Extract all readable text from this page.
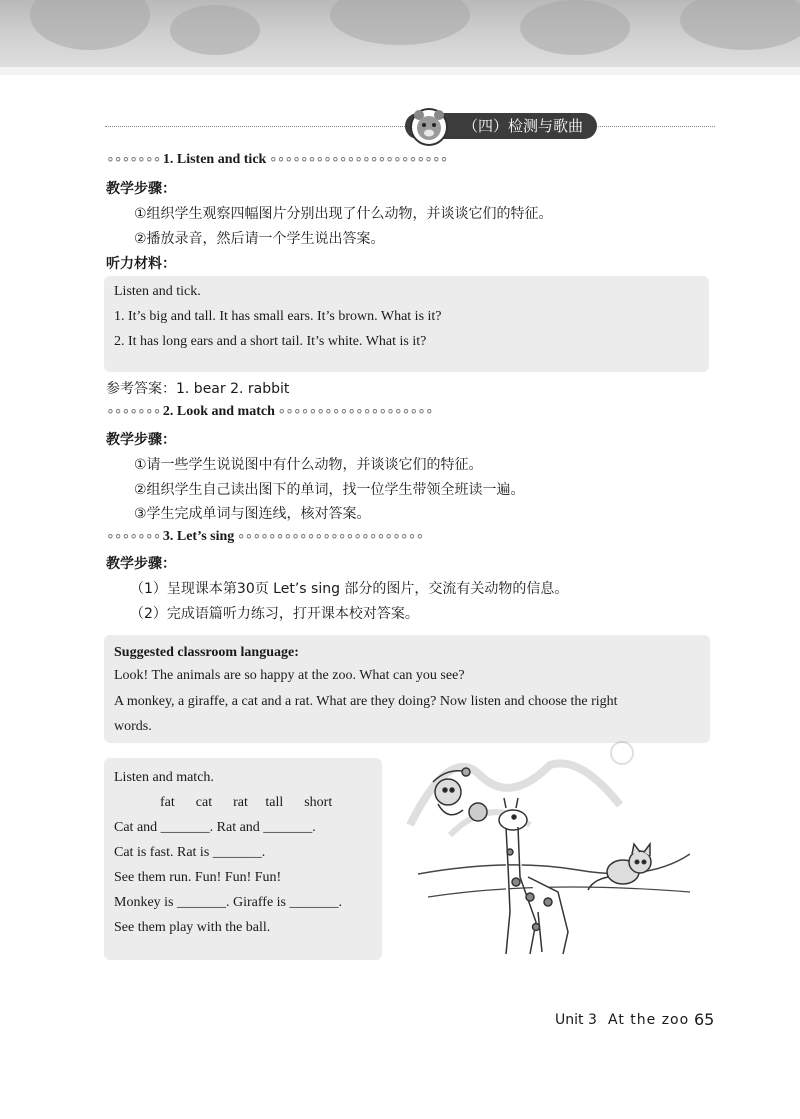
（四）检测与歌曲
∘∘∘∘∘∘∘ 1. Listen and tick ∘∘∘∘∘∘∘∘∘∘∘∘∘∘∘∘∘∘∘∘∘∘∘
教学步骤：
①组织学生观察四幅图片分别出现了什么动物，并谈谈它们的特征。
②播放录音，然后请一个学生说出答案。
听力材料：
Listen and tick.
1. It’s big and tall. It has small ears. It’s brown. What is it?
2. It has long ears and a short tail. It’s white. What is it?
参考答案：1. bear 2. rabbit
∘∘∘∘∘∘∘ 2. Look and match ∘∘∘∘∘∘∘∘∘∘∘∘∘∘∘∘∘∘∘∘
教学步骤：
①请一些学生说说图中有什么动物，并谈谈它们的特征。
②组织学生自己读出图下的单词，找一位学生带领全班读一遍。
③学生完成单词与图连线，核对答案。
∘∘∘∘∘∘∘ 3. Let’s sing ∘∘∘∘∘∘∘∘∘∘∘∘∘∘∘∘∘∘∘∘∘∘∘∘
教学步骤：
（1）呈现课本第30页 Let’s sing 部分的图片，交流有关动物的信息。
（2）完成语篇听力练习，打开课本校对答案。
Suggested classroom language:
Look! The animals are so happy at the zoo. What can you see?
A monkey, a giraffe, a cat and a rat. What are they doing? Now listen and choose the right
words.
Listen and match.
fat      cat      rat     tall      short
Cat and _______. Rat and _______.
Cat is fast. Rat is _______.
See them run. Fun! Fun! Fun!
Monkey is _______. Giraffe is _______.
See them play with the ball.
Unit 3 At the zoo 65
